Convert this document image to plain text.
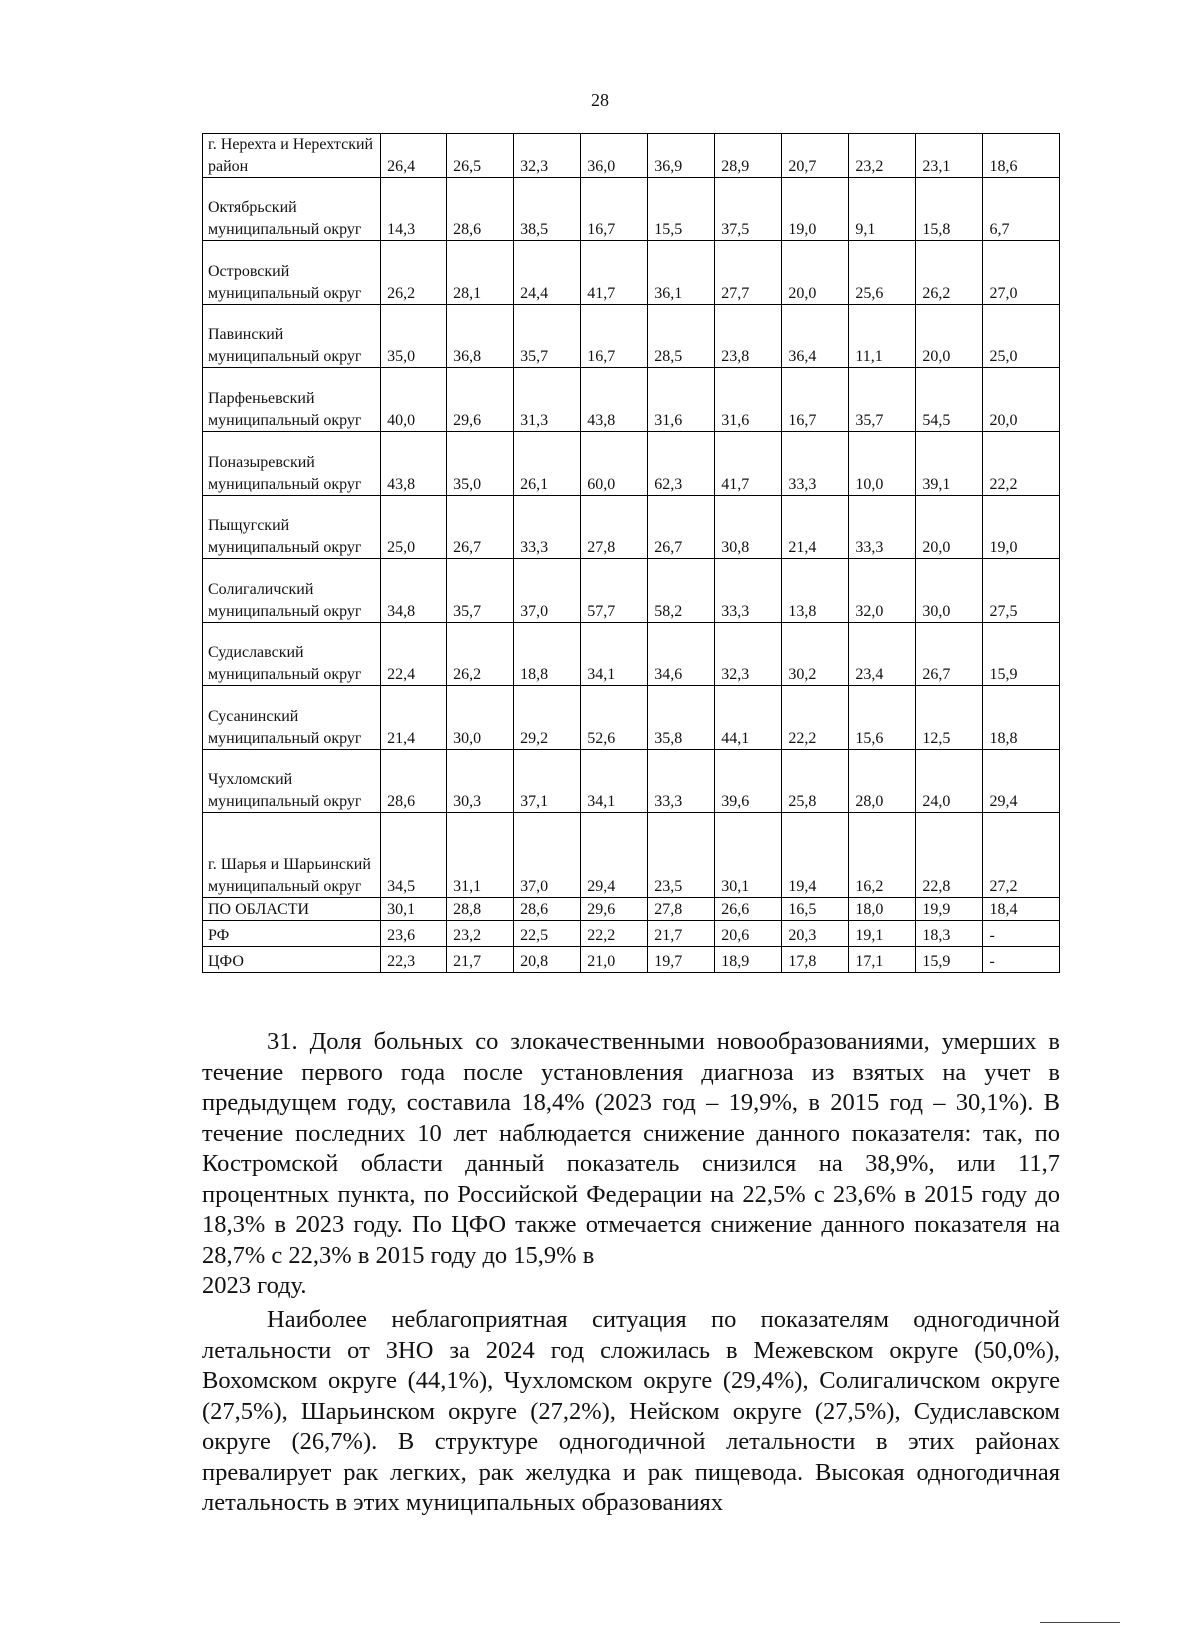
28
г. Нерехта и Нерехтский район	26,4	26,5	32,3	36,0	36,9	28,9	20,7	23,2	23,1	18,6
Октябрьский муниципальный округ	14,3	28,6	38,5	16,7	15,5	37,5	19,0	9,1	15,8	6,7
Островский муниципальный округ	26,2	28,1	24,4	41,7	36,1	27,7	20,0	25,6	26,2	27,0
Павинский муниципальный округ	35,0	36,8	35,7	16,7	28,5	23,8	36,4	11,1	20,0	25,0
Парфеньевский муниципальный округ	40,0	29,6	31,3	43,8	31,6	31,6	16,7	35,7	54,5	20,0
Поназыревский муниципальный округ	43,8	35,0	26,1	60,0	62,3	41,7	33,3	10,0	39,1	22,2
Пыщугский муниципальный округ	25,0	26,7	33,3	27,8	26,7	30,8	21,4	33,3	20,0	19,0
Солигаличский муниципальный округ	34,8	35,7	37,0	57,7	58,2	33,3	13,8	32,0	30,0	27,5
Судиславский муниципальный округ	22,4	26,2	18,8	34,1	34,6	32,3	30,2	23,4	26,7	15,9
Сусанинский муниципальный округ	21,4	30,0	29,2	52,6	35,8	44,1	22,2	15,6	12,5	18,8
Чухломский муниципальный округ	28,6	30,3	37,1	34,1	33,3	39,6	25,8	28,0	24,0	29,4
г. Шарья и Шарьинский муниципальный округ	34,5	31,1	37,0	29,4	23,5	30,1	19,4	16,2	22,8	27,2
ПО ОБЛАСТИ	30,1	28,8	28,6	29,6	27,8	26,6	16,5	18,0	19,9	18,4
РФ	23,6	23,2	22,5	22,2	21,7	20,6	20,3	19,1	18,3	-
ЦФО	22,3	21,7	20,8	21,0	19,7	18,9	17,8	17,1	15,9	-
31. Доля больных со злокачественными новообразованиями, умерших в течение первого года после установления диагноза из взятых на учет в предыдущем году, составила 18,4% (2023 год – 19,9%, в 2015 год – 30,1%). В течение последних 10 лет наблюдается снижение данного показателя: так, по Костромской области данный показатель снизился на 38,9%, или 11,7 процентных пункта, по Российской Федерации на 22,5% с 23,6% в 2015 году до 18,3% в 2023 году. По ЦФО также отмечается снижение данного показателя на 28,7% с 22,3% в 2015 году до 15,9% в
2023 году.
Наиболее неблагоприятная ситуация по показателям одногодичной летальности от ЗНО за 2024 год сложилась в Межевском округе (50,0%), Вохомском округе (44,1%), Чухломском округе (29,4%), Солигаличском округе (27,5%), Шарьинском округе (27,2%), Нейском округе (27,5%), Судиславском округе (26,7%). В структуре одногодичной летальности в этих районах превалирует рак легких, рак желудка и рак пищевода. Высокая одногодичная летальность в этих муниципальных образованиях
